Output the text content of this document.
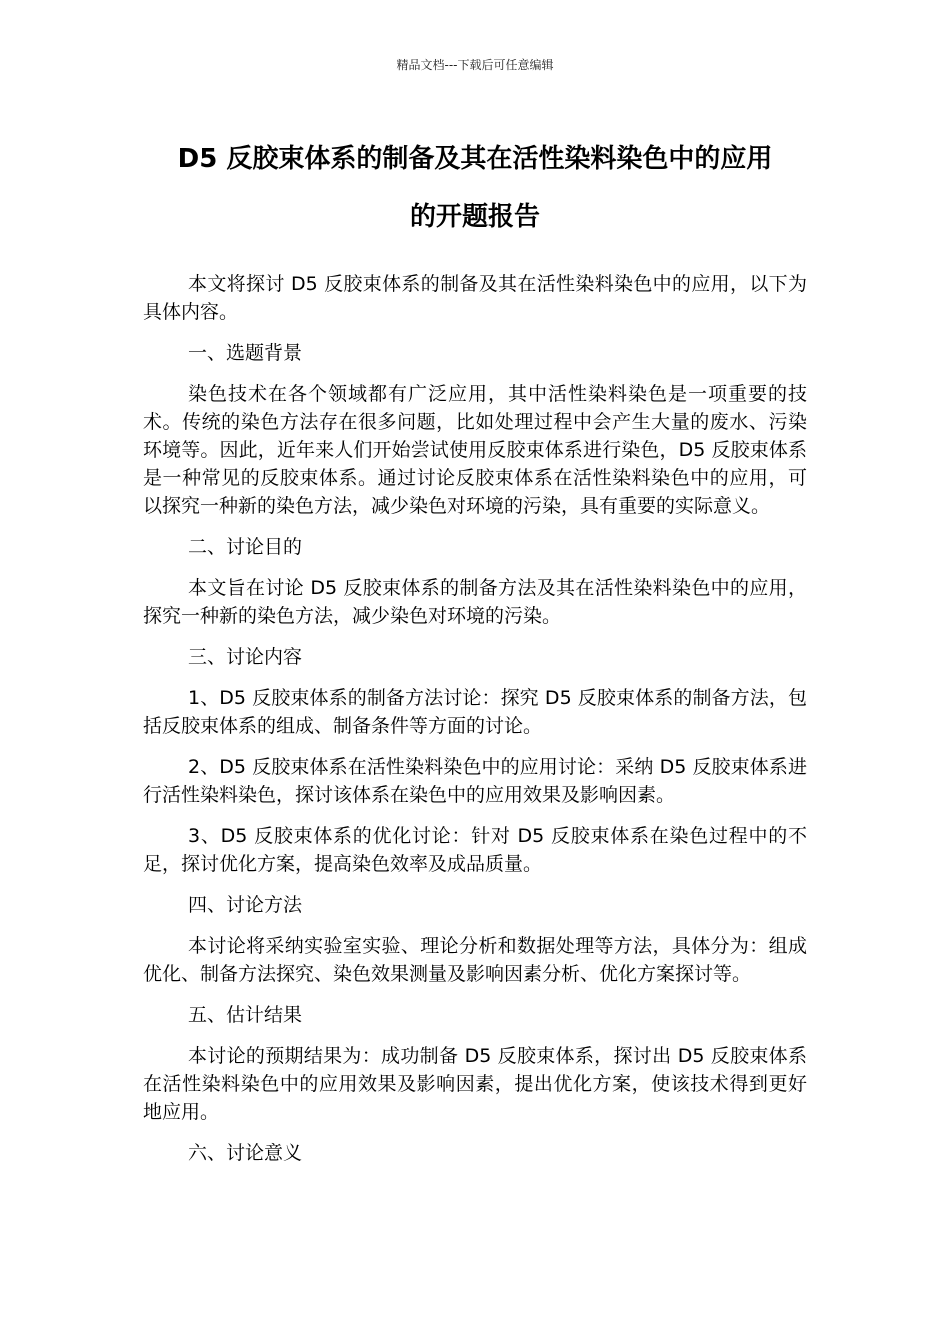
精品文档---下载后可任意编辑
D5 反胶束体系的制备及其在活性染料染色中的应用
的开题报告

本文将探讨 D5 反胶束体系的制备及其在活性染料染色中的应用，以下为具体内容。

一、选题背景

染色技术在各个领域都有广泛应用，其中活性染料染色是一项重要的技术。传统的染色方法存在很多问题，比如处理过程中会产生大量的废水、污染环境等。因此，近年来人们开始尝试使用反胶束体系进行染色，D5 反胶束体系是一种常见的反胶束体系。通过讨论反胶束体系在活性染料染色中的应用，可以探究一种新的染色方法，减少染色对环境的污染，具有重要的实际意义。

二、讨论目的

本文旨在讨论 D5 反胶束体系的制备方法及其在活性染料染色中的应用，探究一种新的染色方法，减少染色对环境的污染。

三、讨论内容

1、D5 反胶束体系的制备方法讨论：探究 D5 反胶束体系的制备方法，包括反胶束体系的组成、制备条件等方面的讨论。

2、D5 反胶束体系在活性染料染色中的应用讨论：采纳 D5 反胶束体系进行活性染料染色，探讨该体系在染色中的应用效果及影响因素。

3、D5 反胶束体系的优化讨论：针对 D5 反胶束体系在染色过程中的不足，探讨优化方案，提高染色效率及成品质量。

四、讨论方法

本讨论将采纳实验室实验、理论分析和数据处理等方法，具体分为：组成优化、制备方法探究、染色效果测量及影响因素分析、优化方案探讨等。

五、估计结果

本讨论的预期结果为：成功制备 D5 反胶束体系，探讨出 D5 反胶束体系在活性染料染色中的应用效果及影响因素，提出优化方案，使该技术得到更好地应用。

六、讨论意义
